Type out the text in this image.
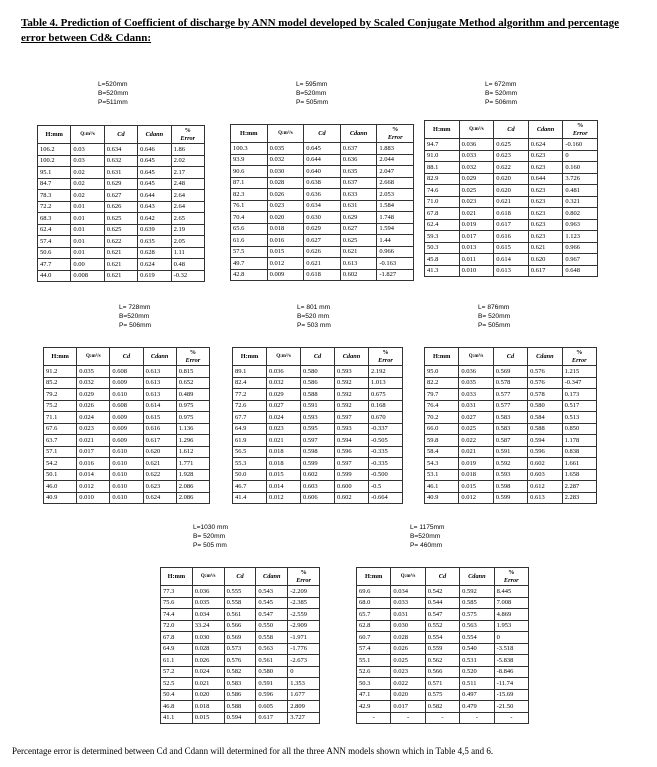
Table 4. Prediction of Coefficient of discharge by ANN model developed by Scaled Conjugate Method algorithm and percentage error between Cd& Cdann:
Percentage error is determined between Cd and Cdann will determined for all the three ANN models shown which in Table 4,5 and 6.
L=520mm
B=520mm
P=511mm
H:mm	Q:m³/s	Cd	Cdann	%
Error

106.2	0.03	0.634	0.646	1.86
100.2	0.03	0.632	0.645	2.02
95.1	0.02	0.631	0.645	2.17
84.7	0.02	0.629	0.645	2.48
78.3	0.02	0.627	0.644	2.64
72.2	0.01	0.626	0.643	2.64
68.3	0.01	0.625	0.642	2.65
62.4	0.01	0.625	0.639	2.19
57.4	0.01	0.622	0.635	2.05
50.6	0.01	0.621	0.628	1.11
47.7	0.00	0.621	0.624	0.48
44.0	0.008	0.621	0.619	-0.32
L= 595mm
B=520mm
P= 505mm
H:mm	Q:m³/s	Cd	Cdann	%
Error

100.3	0.035	0.645	0.637	1.883
93.9	0.032	0.644	0.636	2.044
90.6	0.030	0.640	0.635	2.047
87.1	0.028	0.638	0.637	2.668
82.3	0.026	0.636	0.633	2.053
76.1	0.023	0.634	0.631	1.584
70.4	0.020	0.630	0.629	1.748
65.6	0.018	0.629	0.627	1.594
61.6	0.016	0.627	0.625	1.44
57.5	0.015	0.626	0.621	0.966
49.7	0.012	0.621	0.613	-0.163
42.8	0.009	0.618	0.602	-1.827
L= 672mm
B= 520mm
P= 506mm
H:mm	Q:m³/s	Cd	Cdann	%
Error

94.7	0.036	0.625	0.624	-0.160
91.0	0.033	0.623	0.623	0
88.1	0.032	0.622	0.623	0.160
82.9	0.029	0.620	0.644	3.726
74.6	0.025	0.620	0.623	0.481
71.0	0.023	0.621	0.623	0.321
67.8	0.021	0.618	0.623	0.802
62.4	0.019	0.617	0.623	0.963
59.3	0.017	0.616	0.623	1.123
50.3	0.013	0.615	0.621	0.966
45.8	0.011	0.614	0.620	0.967
41.3	0.010	0.613	0.617	0.648
L= 728mm
B=520mm
P= 506mm
H:mm	Q:m³/s	Cd	Cdann	%
Error

91.2	0.035	0.608	0.613	0.815
85.2	0.032	0.609	0.613	0.652
79.2	0.029	0.610	0.613	0.489
75.2	0.026	0.608	0.614	0.975
71.1	0.024	0.609	0.615	0.975
67.6	0.023	0.609	0.616	1.136
63.7	0.021	0.609	0.617	1.296
57.1	0.017	0.610	0.620	1.612
54.2	0.016	0.610	0.621	1.771
50.1	0.014	0.610	0.622	1.928
46.0	0.012	0.610	0.623	2.086
40.9	0.010	0.610	0.624	2.086
L= 801 mm
B=520 mm
P= 503 mm
H:mm	Q:m³/s	Cd	Cdann	%
Error

89.1	0.036	0.580	0.593	2.192
82.4	0.032	0.586	0.592	1.013
77.2	0.029	0.588	0.592	0.675
72.6	0.027	0.591	0.592	0.168
67.7	0.024	0.593	0.597	0.670
64.9	0.023	0.595	0.593	-0.337
61.9	0.021	0.597	0.594	-0.505
56.5	0.018	0.598	0.596	-0.335
55.3	0.018	0.599	0.597	-0.335
50.0	0.015	0.602	0.599	-0.500
46.7	0.014	0.603	0.600	-0.5
41.4	0.012	0.606	0.602	-0.664
L= 876mm
B= 520mm
P= 505mm
H:mm	Q:m³/s	Cd	Cdann	%
Error

95.0	0.036	0.569	0.576	1.215
82.2	0.035	0.578	0.576	-0.347
79.7	0.033	0.577	0.578	0.173
76.4	0.031	0.577	0.580	0.517
70.2	0.027	0.583	0.584	0.513
66.0	0.025	0.583	0.588	0.850
59.8	0.022	0.587	0.594	1.178
58.4	0.021	0.591	0.596	0.838
54.3	0.019	0.592	0.602	1.661
53.1	0.018	0.593	0.603	1.658
46.1	0.015	0.598	0.612	2.287
40.9	0.012	0.599	0.613	2.283
L=1030 mm
B= 520mm
P= 505 mm
H:mm	Q:m³/s	Cd	Cdann	%
Error

77.3	0.036	0.555	0.543	-2.209
75.6	0.035	0.558	0.545	-2.385
74.4	0.034	0.561	0.547	-2.559
72.0	33.24	0.566	0.550	-2.909
67.8	0.030	0.569	0.558	-1.971
64.9	0.028	0.573	0.563	-1.776
61.1	0.026	0.576	0.561	-2.673
57.2	0.024	0.582	0.580	0
52.5	0.021	0.583	0.591	1.353
50.4	0.020	0.586	0.596	1.677
46.8	0.018	0.588	0.605	2.809
41.1	0.015	0.594	0.617	3.727
L= 1175mm
B=520mm
P= 460mm
H:mm	Q:m³/s	Cd	Cdann	%
Error

69.6	0.034	0.542	0.592	8.445
68.0	0.033	0.544	0.585	7.008
65.7	0.031	0.547	0.575	4.869
62.8	0.030	0.552	0.563	1.953
60.7	0.028	0.554	0.554	0
57.4	0.026	0.559	0.540	-3.518
55.1	0.025	0.562	0.531	-5.838
52.6	0.023	0.566	0.520	-8.846
50.3	0.022	0.571	0.511	-11.74
47.1	0.020	0.575	0.497	-15.69
42.9	0.017	0.582	0.479	-21.50
-	-	-	-	-
